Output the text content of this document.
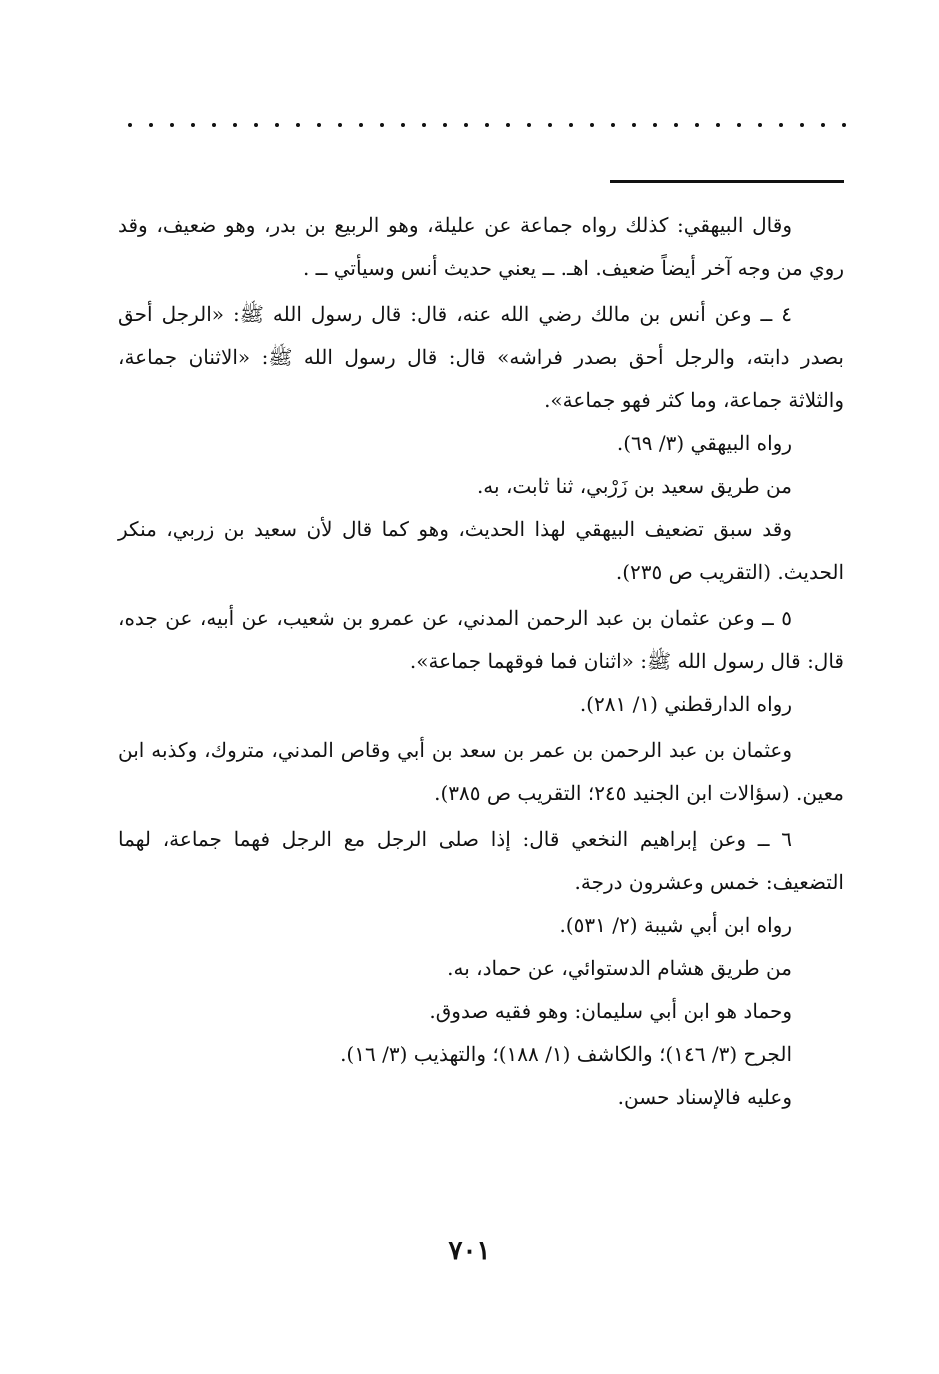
وقال البيهقي: كذلك رواه جماعة عن عليلة، وهو الربيع بن بدر، وهو ضعيف، وقد روي من وجه آخر أيضاً ضعيف. اهـ. ــ يعني حديث أنس وسيأتي ــ .

٤ ــ وعن أنس بن مالك رضي الله عنه، قال: قال رسول الله ﷺ: «الرجل أحق بصدر دابته، والرجل أحق بصدر فراشه» قال: قال رسول الله ﷺ: «الاثنان جماعة، والثلاثة جماعة، وما كثر فهو جماعة».

رواه البيهقي (٣/ ٦٩).

من طريق سعيد بن زَرْبي، ثنا ثابت، به.

وقد سبق تضعيف البيهقي لهذا الحديث، وهو كما قال لأن سعيد بن زربي، منكر الحديث. (التقريب ص ٢٣٥).

٥ ــ وعن عثمان بن عبد الرحمن المدني، عن عمرو بن شعيب، عن أبيه، عن جده، قال: قال رسول الله ﷺ: «اثنان فما فوقهما جماعة».

رواه الدارقطني (١/ ٢٨١).

وعثمان بن عبد الرحمن بن عمر بن سعد بن أبي وقاص المدني، متروك، وكذبه ابن معين. (سؤالات ابن الجنيد ٢٤٥؛ التقريب ص ٣٨٥).

٦ ــ وعن إبراهيم النخعي قال: إذا صلى الرجل مع الرجل فهما جماعة، لهما التضعيف: خمس وعشرون درجة.

رواه ابن أبي شيبة (٢/ ٥٣١).

من طريق هشام الدستوائي، عن حماد، به.

وحماد هو ابن أبي سليمان: وهو فقيه صدوق.

الجرح (٣/ ١٤٦)؛ والكاشف (١/ ١٨٨)؛ والتهذيب (٣/ ١٦).

وعليه فالإسناد حسن.

٧٠١
